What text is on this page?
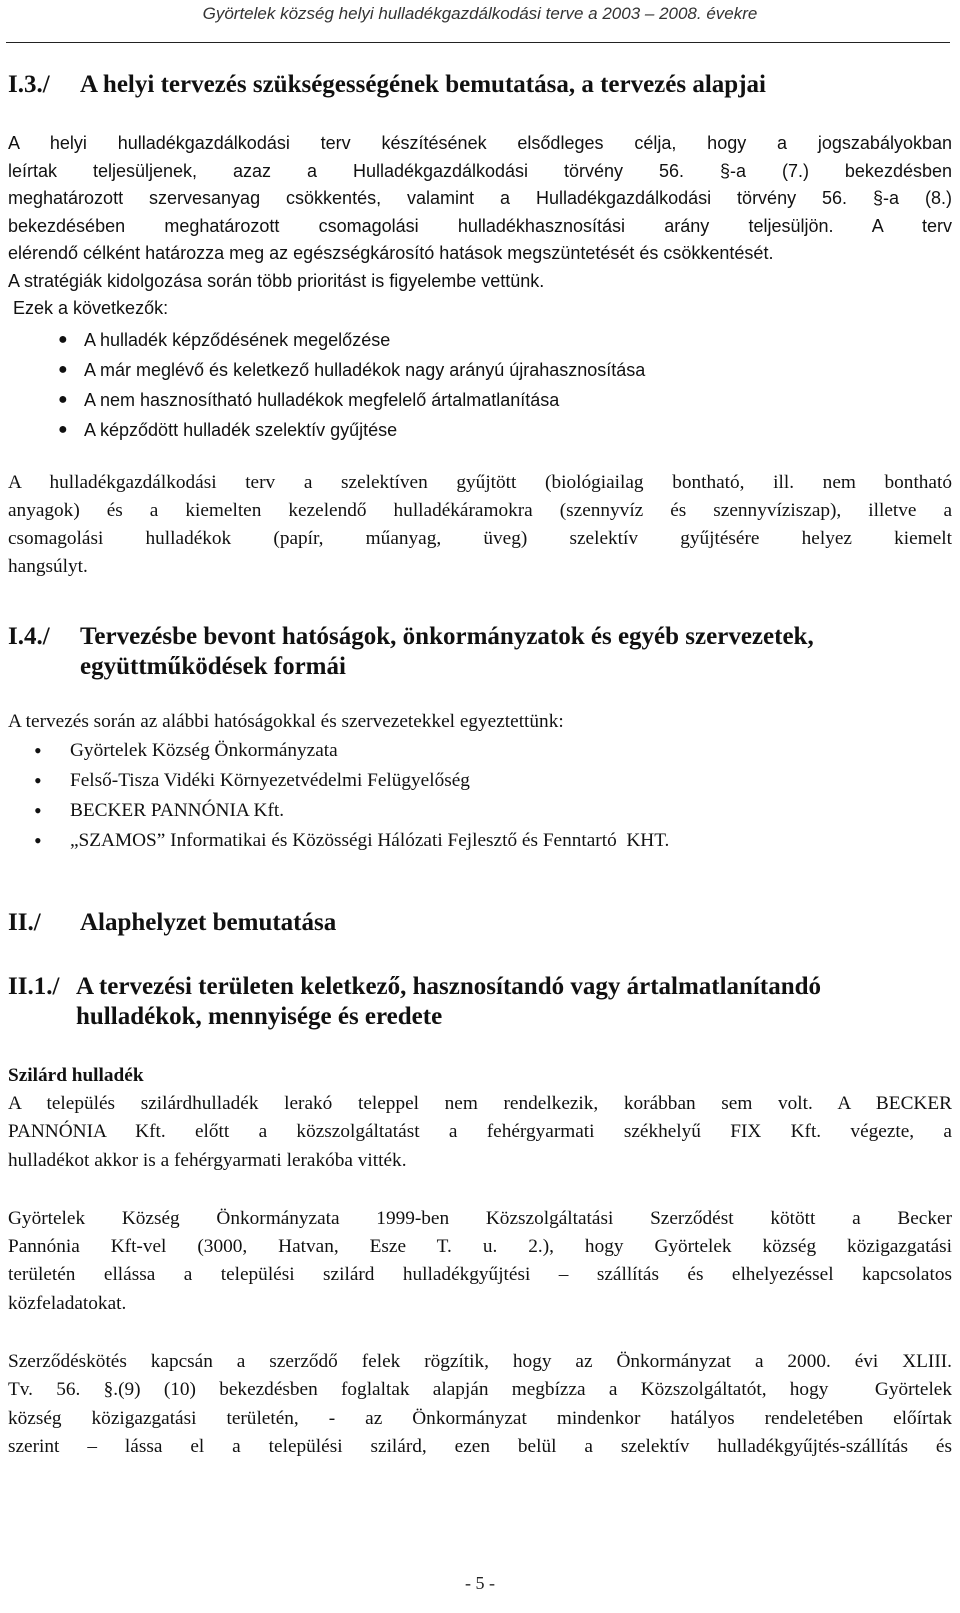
Györtelek község helyi hulladékgazdálkodási terve a 2003 – 2008. évekre
I.3./	A helyi tervezés szükségességének bemutatása, a tervezés alapjai
A helyi hulladékgazdálkodási terv készítésének elsődleges célja, hogy a jogszabályokban
leírtak teljesüljenek, azaz a Hulladékgazdálkodási törvény 56. §-a (7.) bekezdésben
meghatározott szervesanyag csökkentés, valamint a Hulladékgazdálkodási törvény 56. §-a (8.)
bekezdésében meghatározott csomagolási hulladékhasznosítási arány teljesüljön. A terv
elérendő célként határozza meg az egészségkárosító hatások megszüntetését és csökkentését.
A stratégiák kidolgozása során több prioritást is figyelembe vettünk.
Ezek a következők:
● A hulladék képződésének megelőzése
● A már meglévő és keletkező hulladékok nagy arányú újrahasznosítása
● A nem hasznosítható hulladékok megfelelő ártalmatlanítása
● A képződött hulladék szelektív gyűjtése
A hulladékgazdálkodási terv a szelektíven gyűjtött (biológiailag bontható, ill. nem bontható
anyagok) és a kiemelten kezelendő hulladékáramokra (szennyvíz és szennyvíziszap), illetve a
csomagolási hulladékok (papír, műanyag, üveg) szelektív gyűjtésére helyez kiemelt
hangsúlyt.
I.4./	Tervezésbe bevont hatóságok, önkormányzatok és egyéb szervezetek,
együttműködések formái
A tervezés során az alábbi hatóságokkal és szervezetekkel egyeztettünk:
• Györtelek Község Önkormányzata
• Felső-Tisza Vidéki Környezetvédelmi Felügyelőség
• BECKER PANNÓNIA Kft.
• „SZAMOS” Informatikai és Közösségi Hálózati Fejlesztő és Fenntartó  KHT.
II./	Alaphelyzet bemutatása
II.1./ A tervezési területen keletkező, hasznosítandó vagy ártalmatlanítandó
hulladékok, mennyisége és eredete
Szilárd hulladék
A település szilárdhulladék lerakó teleppel nem rendelkezik, korábban sem volt. A BECKER
PANNÓNIA Kft. előtt a közszolgáltatást a fehérgyarmati székhelyű FIX Kft. végezte, a
hulladékot akkor is a fehérgyarmati lerakóba vitték.
Györtelek Község Önkormányzata 1999-ben Közszolgáltatási Szerződést kötött a Becker
Pannónia Kft-vel (3000, Hatvan, Esze T. u. 2.), hogy Györtelek község közigazgatási
területén ellássa a települési szilárd hulladékgyűjtési – szállítás és elhelyezéssel kapcsolatos
közfeladatokat.
Szerződéskötés kapcsán a szerződő felek rögzítik, hogy az Önkormányzat a 2000. évi XLIII.
Tv. 56. §.(9) (10) bekezdésben foglaltak alapján megbízza a Közszolgáltatót, hogy  Györtelek
község közigazgatási területén, - az Önkormányzat mindenkor hatályos rendeletében előírtak
szerint – lássa el a települési szilárd, ezen belül a szelektív hulladékgyűjtés-szállítás és
- 5 -
